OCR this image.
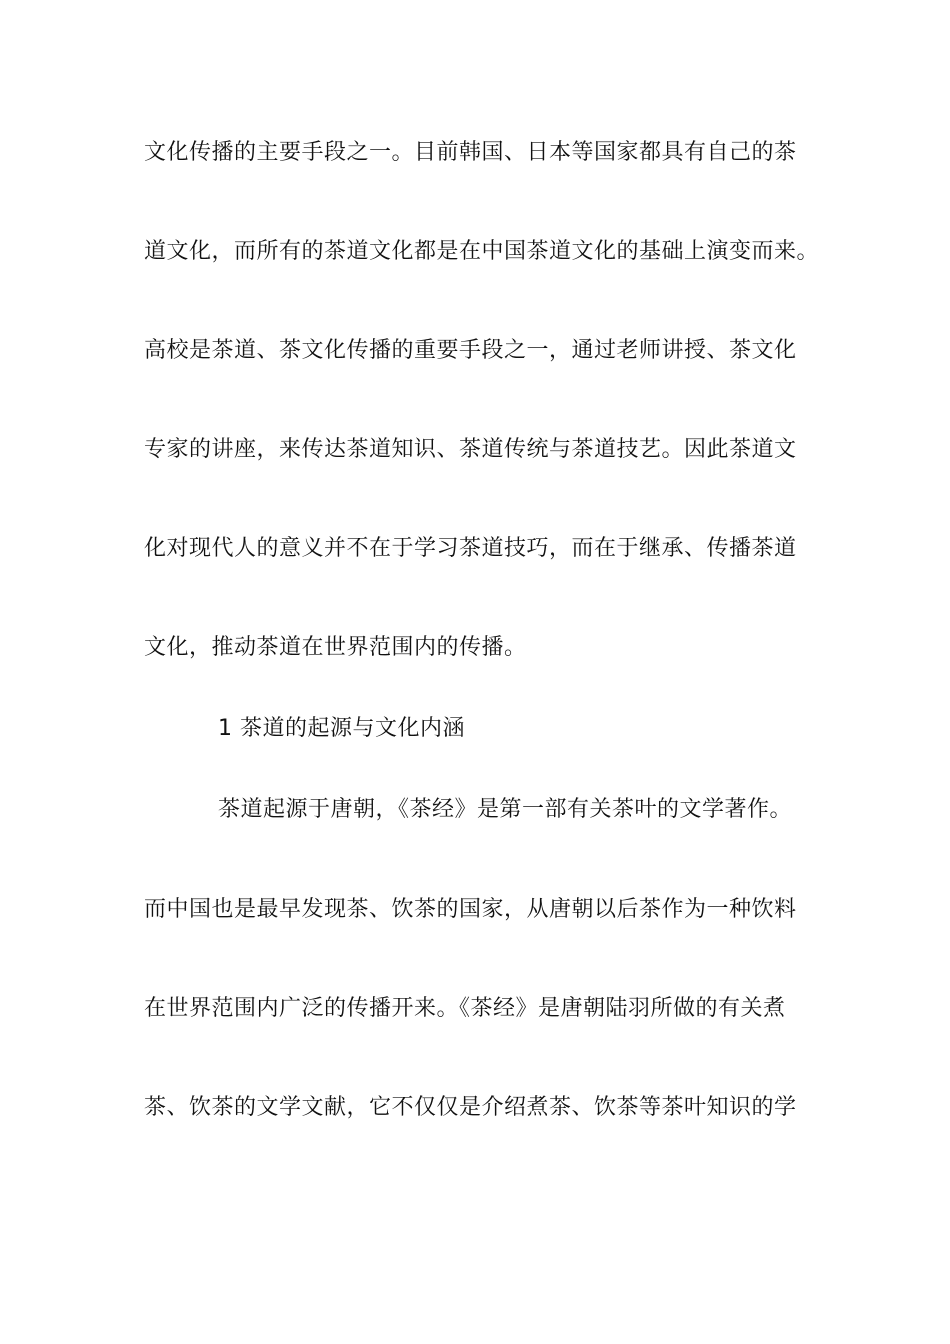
文化传播的主要手段之一。目前韩国、日本等国家都具有自己的茶
道文化，而所有的茶道文化都是在中国茶道文化的基础上演变而来。
高校是茶道、茶文化传播的重要手段之一，通过老师讲授、茶文化
专家的讲座，来传达茶道知识、茶道传统与茶道技艺。因此茶道文
化对现代人的意义并不在于学习茶道技巧，而在于继承、传播茶道
文化，推动茶道在世界范围内的传播。
1 茶道的起源与文化内涵
茶道起源于唐朝，《茶经》是第一部有关茶叶的文学著作。
而中国也是最早发现茶、饮茶的国家，从唐朝以后茶作为一种饮料
在世界范围内广泛的传播开来。《茶经》是唐朝陆羽所做的有关煮
茶、饮茶的文学文献，它不仅仅是介绍煮茶、饮茶等茶叶知识的学
